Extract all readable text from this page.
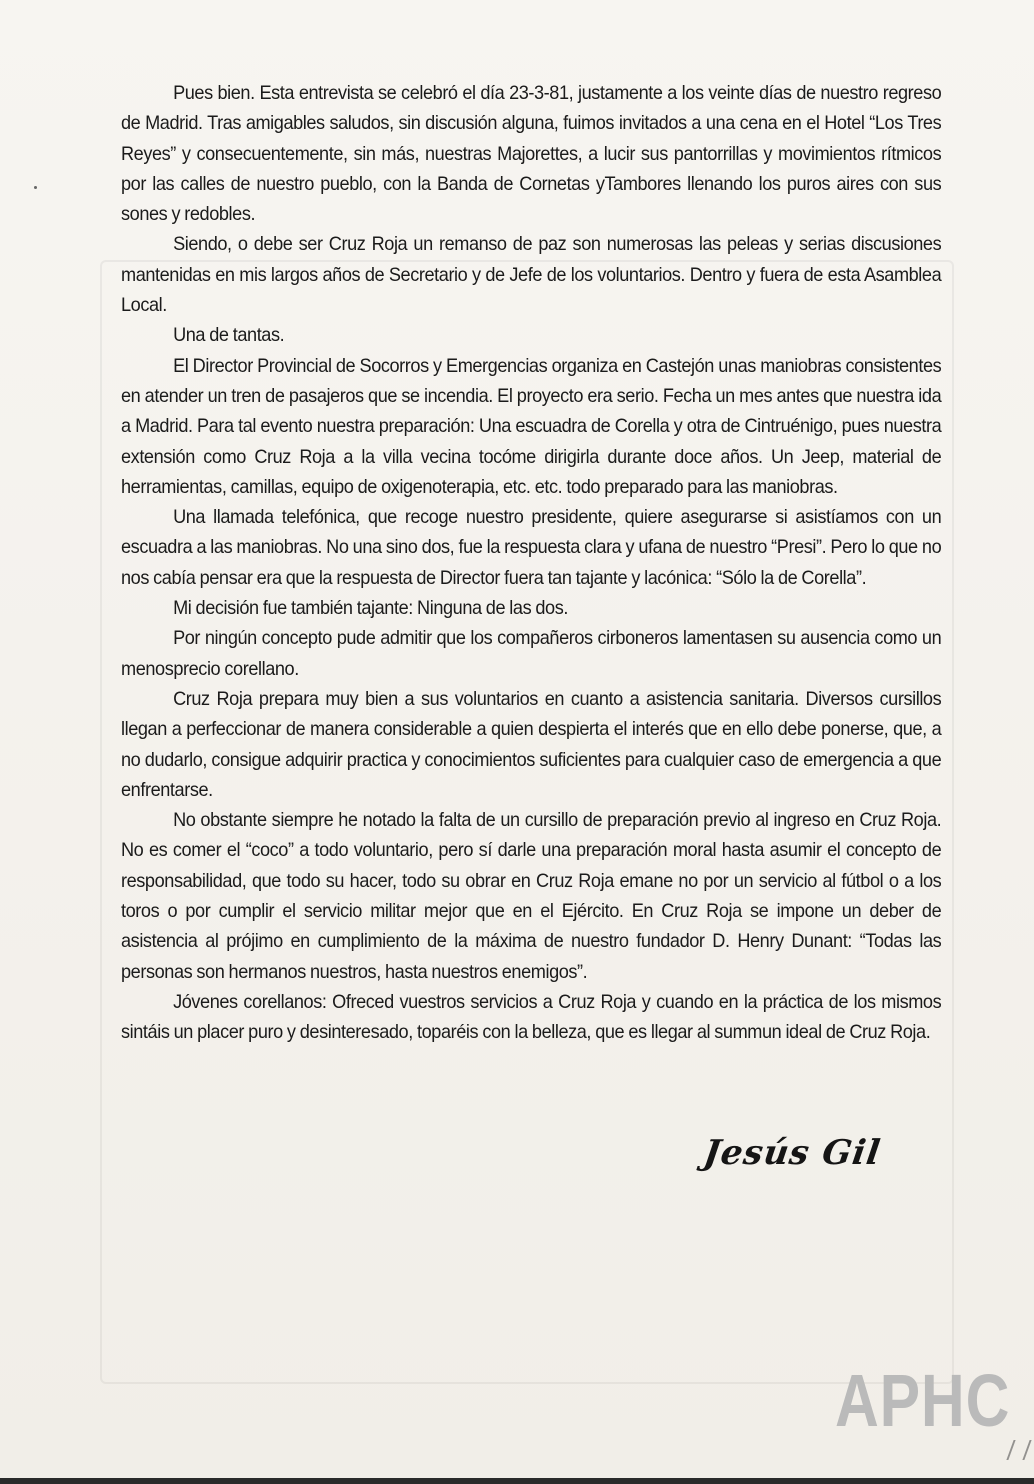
Pues bien. Esta entrevista se celebró el día 23-3-81, justamente a los veinte días de nuestro regreso de Madrid. Tras amigables saludos, sin discusión alguna, fuimos invitados a una cena en el Hotel “Los Tres Reyes” y consecuentemente, sin más, nuestras Majorettes, a lucir sus pantorrillas y movimientos rítmicos por las calles de nuestro pueblo, con la Banda de Cornetas yTambores llenando los puros aires con sus sones y redobles.

Siendo, o debe ser Cruz Roja un remanso de paz son numerosas las peleas y serias discusiones mantenidas en mis largos años de Secretario y de Jefe de los voluntarios. Dentro y fuera de esta Asamblea Local.

Una de tantas.

El Director Provincial de Socorros y Emergencias organiza en Castejón unas maniobras consistentes en atender un tren de pasajeros que se incendia. El proyecto era serio. Fecha un mes antes que nuestra ida a Madrid. Para tal evento nuestra preparación: Una escuadra de Corella y otra de Cintruénigo, pues nuestra extensión como Cruz Roja a la villa vecina tocóme dirigirla durante doce años. Un Jeep, material de herramientas, camillas, equipo de oxigenoterapia, etc. etc. todo preparado para las maniobras.

Una llamada telefónica, que recoge nuestro presidente, quiere asegurarse si asistíamos con un escuadra a las maniobras. No una sino dos, fue la respuesta clara y ufana de nuestro “Presi”. Pero lo que no nos cabía pensar era que la respuesta de Director fuera tan tajante y lacónica: “Sólo la de Corella”.

Mi decisión fue también tajante: Ninguna de las dos.

Por ningún concepto pude admitir que los compañeros cirboneros lamentasen su ausencia como un menosprecio corellano.

Cruz Roja prepara muy bien a sus voluntarios en cuanto a asistencia sanitaria. Diversos cursillos llegan a perfeccionar de manera considerable a quien despierta el interés que en ello debe ponerse, que, a no dudarlo, consigue adquirir practica y conocimientos suficientes para cualquier caso de emergencia a que enfrentarse.

No obstante siempre he notado la falta de un cursillo de preparación previo al ingreso en Cruz Roja. No es comer el “coco” a todo voluntario, pero sí darle una preparación moral hasta asumir el concepto de responsabilidad, que todo su hacer, todo su obrar en Cruz Roja emane no por un servicio al fútbol o a los toros o por cumplir el servicio militar mejor que en el Ejército. En Cruz Roja se impone un deber de asistencia al prójimo en cumplimiento de la máxima de nuestro fundador D. Henry Dunant: “Todas las personas son hermanos nuestros, hasta nuestros enemigos”.

Jóvenes corellanos: Ofreced vuestros servicios a Cruz Roja y cuando en la práctica de los mismos sintáis un placer puro y desinteresado, toparéis con la belleza, que es llegar al summun ideal de Cruz Roja.

Jesús Gil
APHC
